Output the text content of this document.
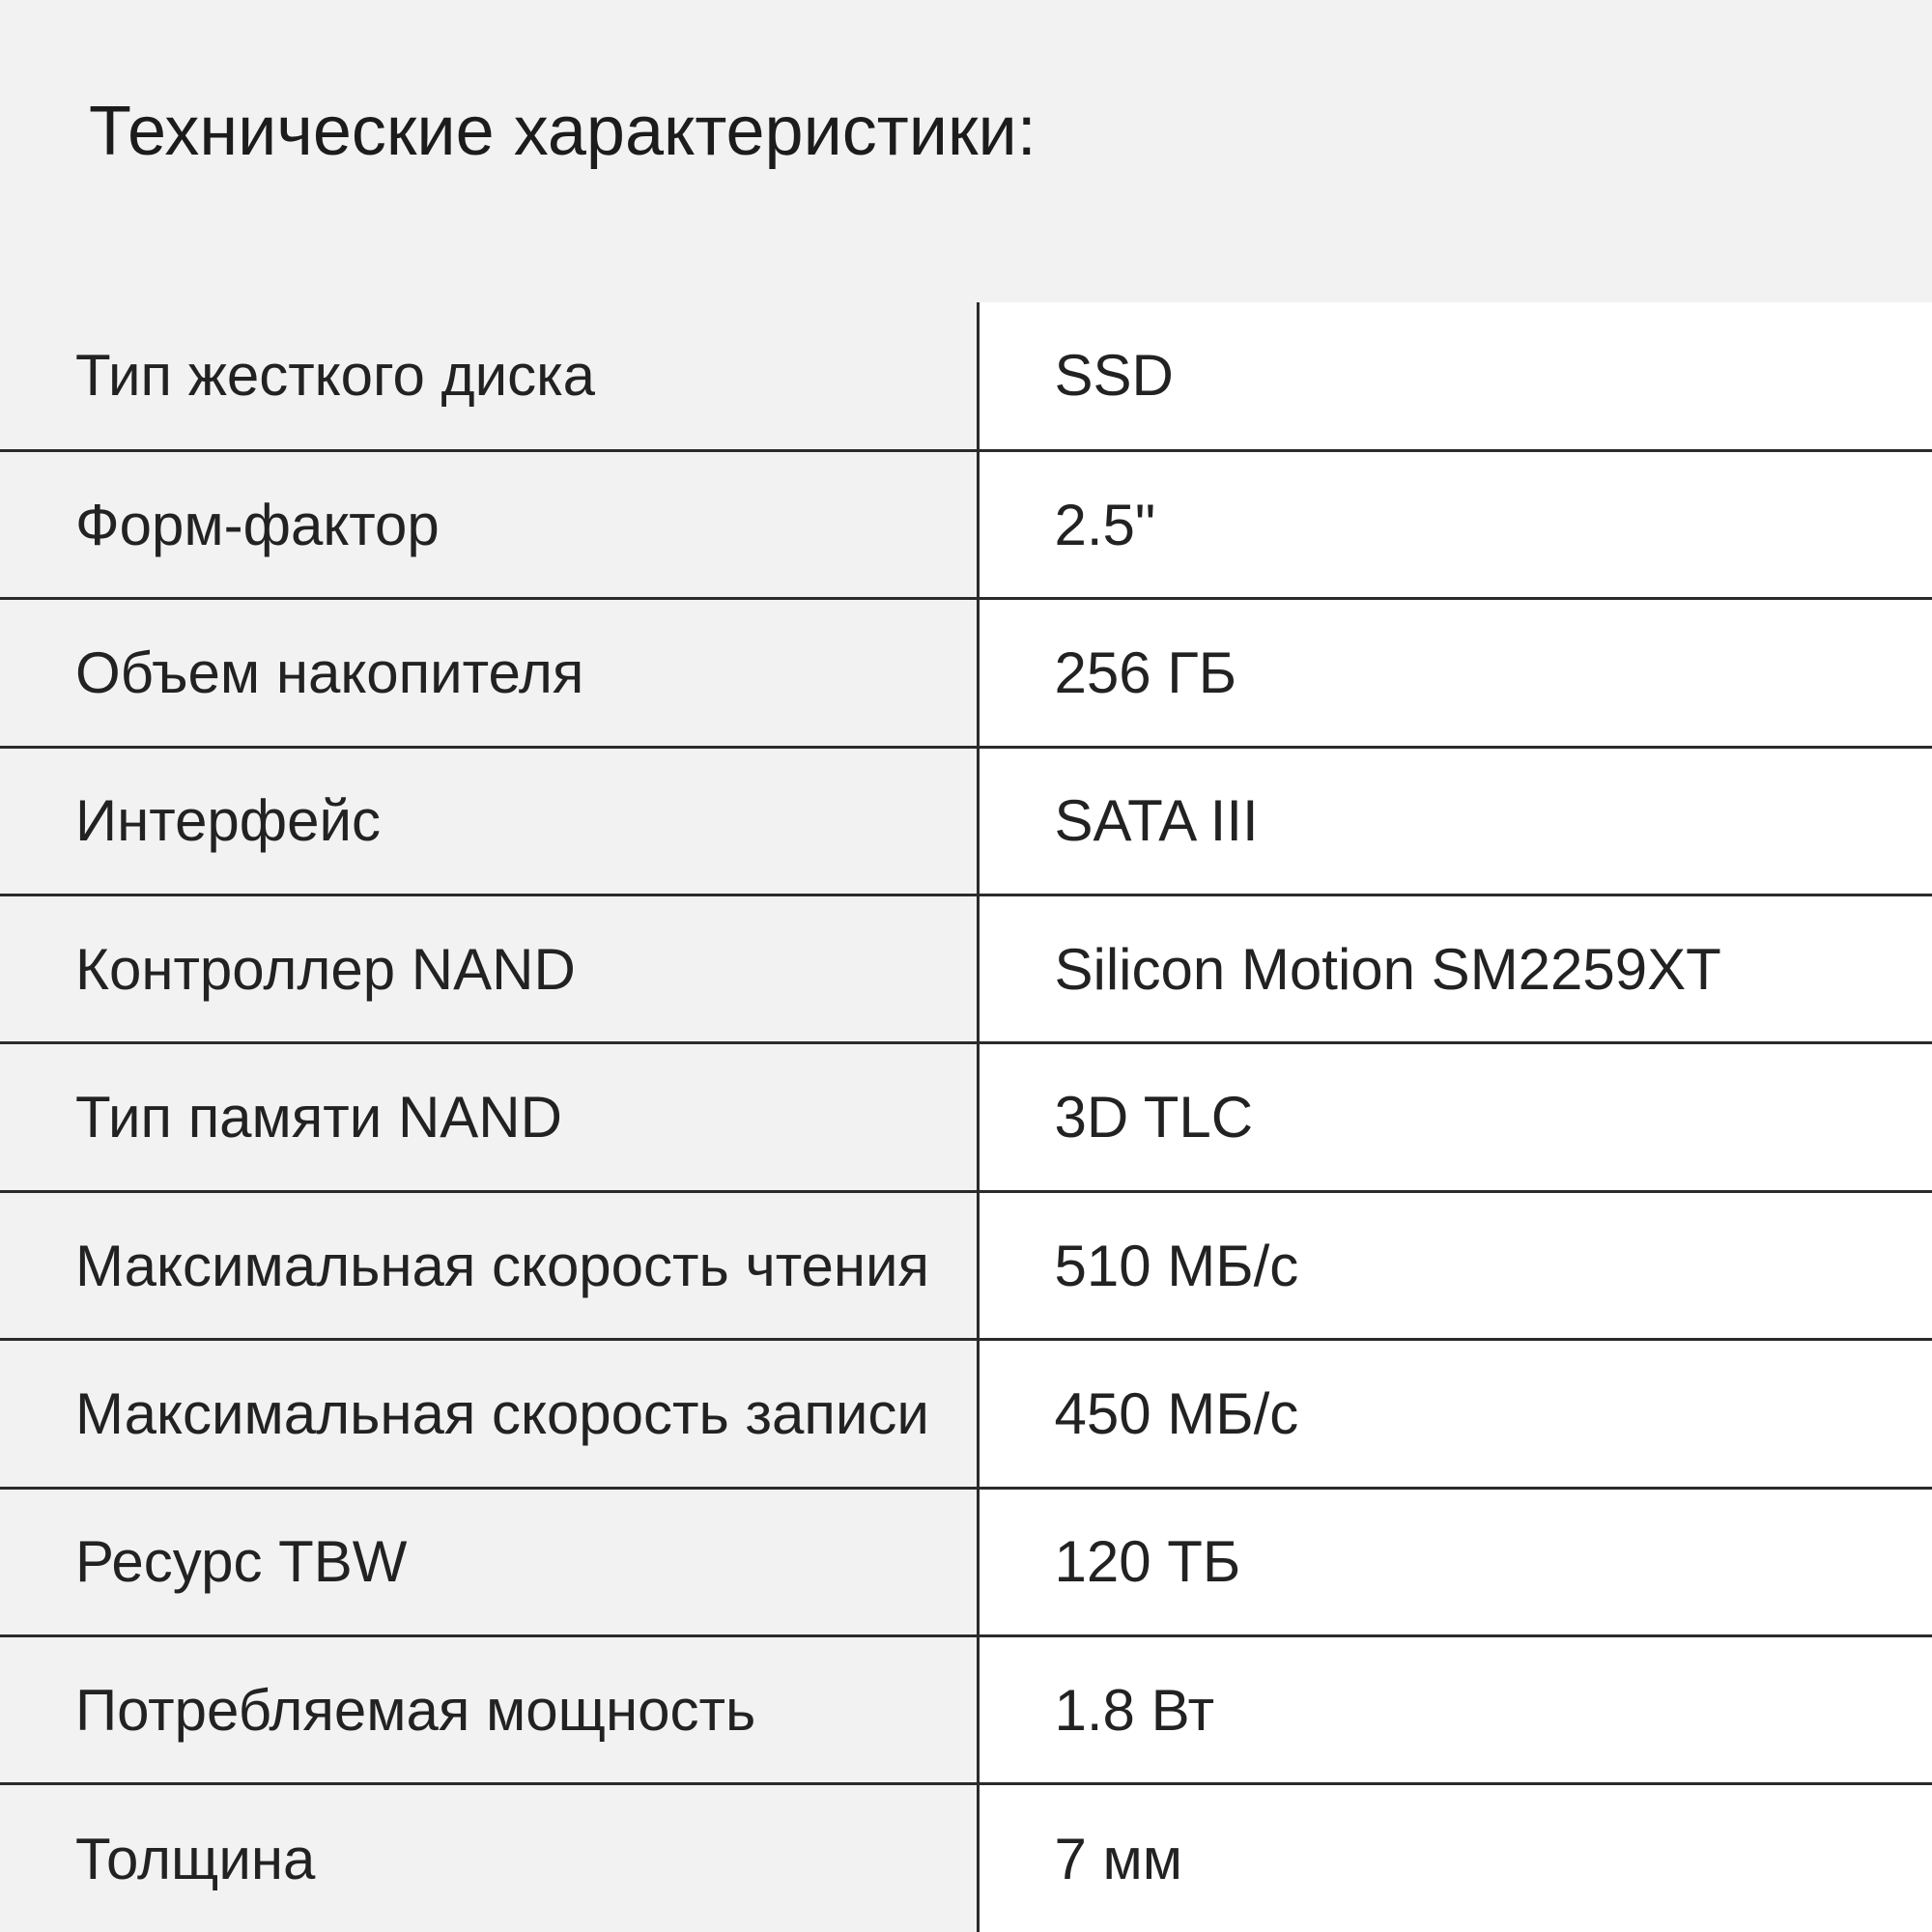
Технические характеристики:
Тип жесткого диска	SSD
Форм-фактор	2.5"
Объем накопителя	256 ГБ
Интерфейс	SATA III
Контроллер NAND	Silicon Motion SM2259XT
Тип памяти NAND	3D TLC
Максимальная скорость чтения	510 МБ/с
Максимальная скорость записи	450 МБ/с
Ресурс TBW	120 ТБ
Потребляемая мощность	1.8 Вт
Толщина	7 мм
